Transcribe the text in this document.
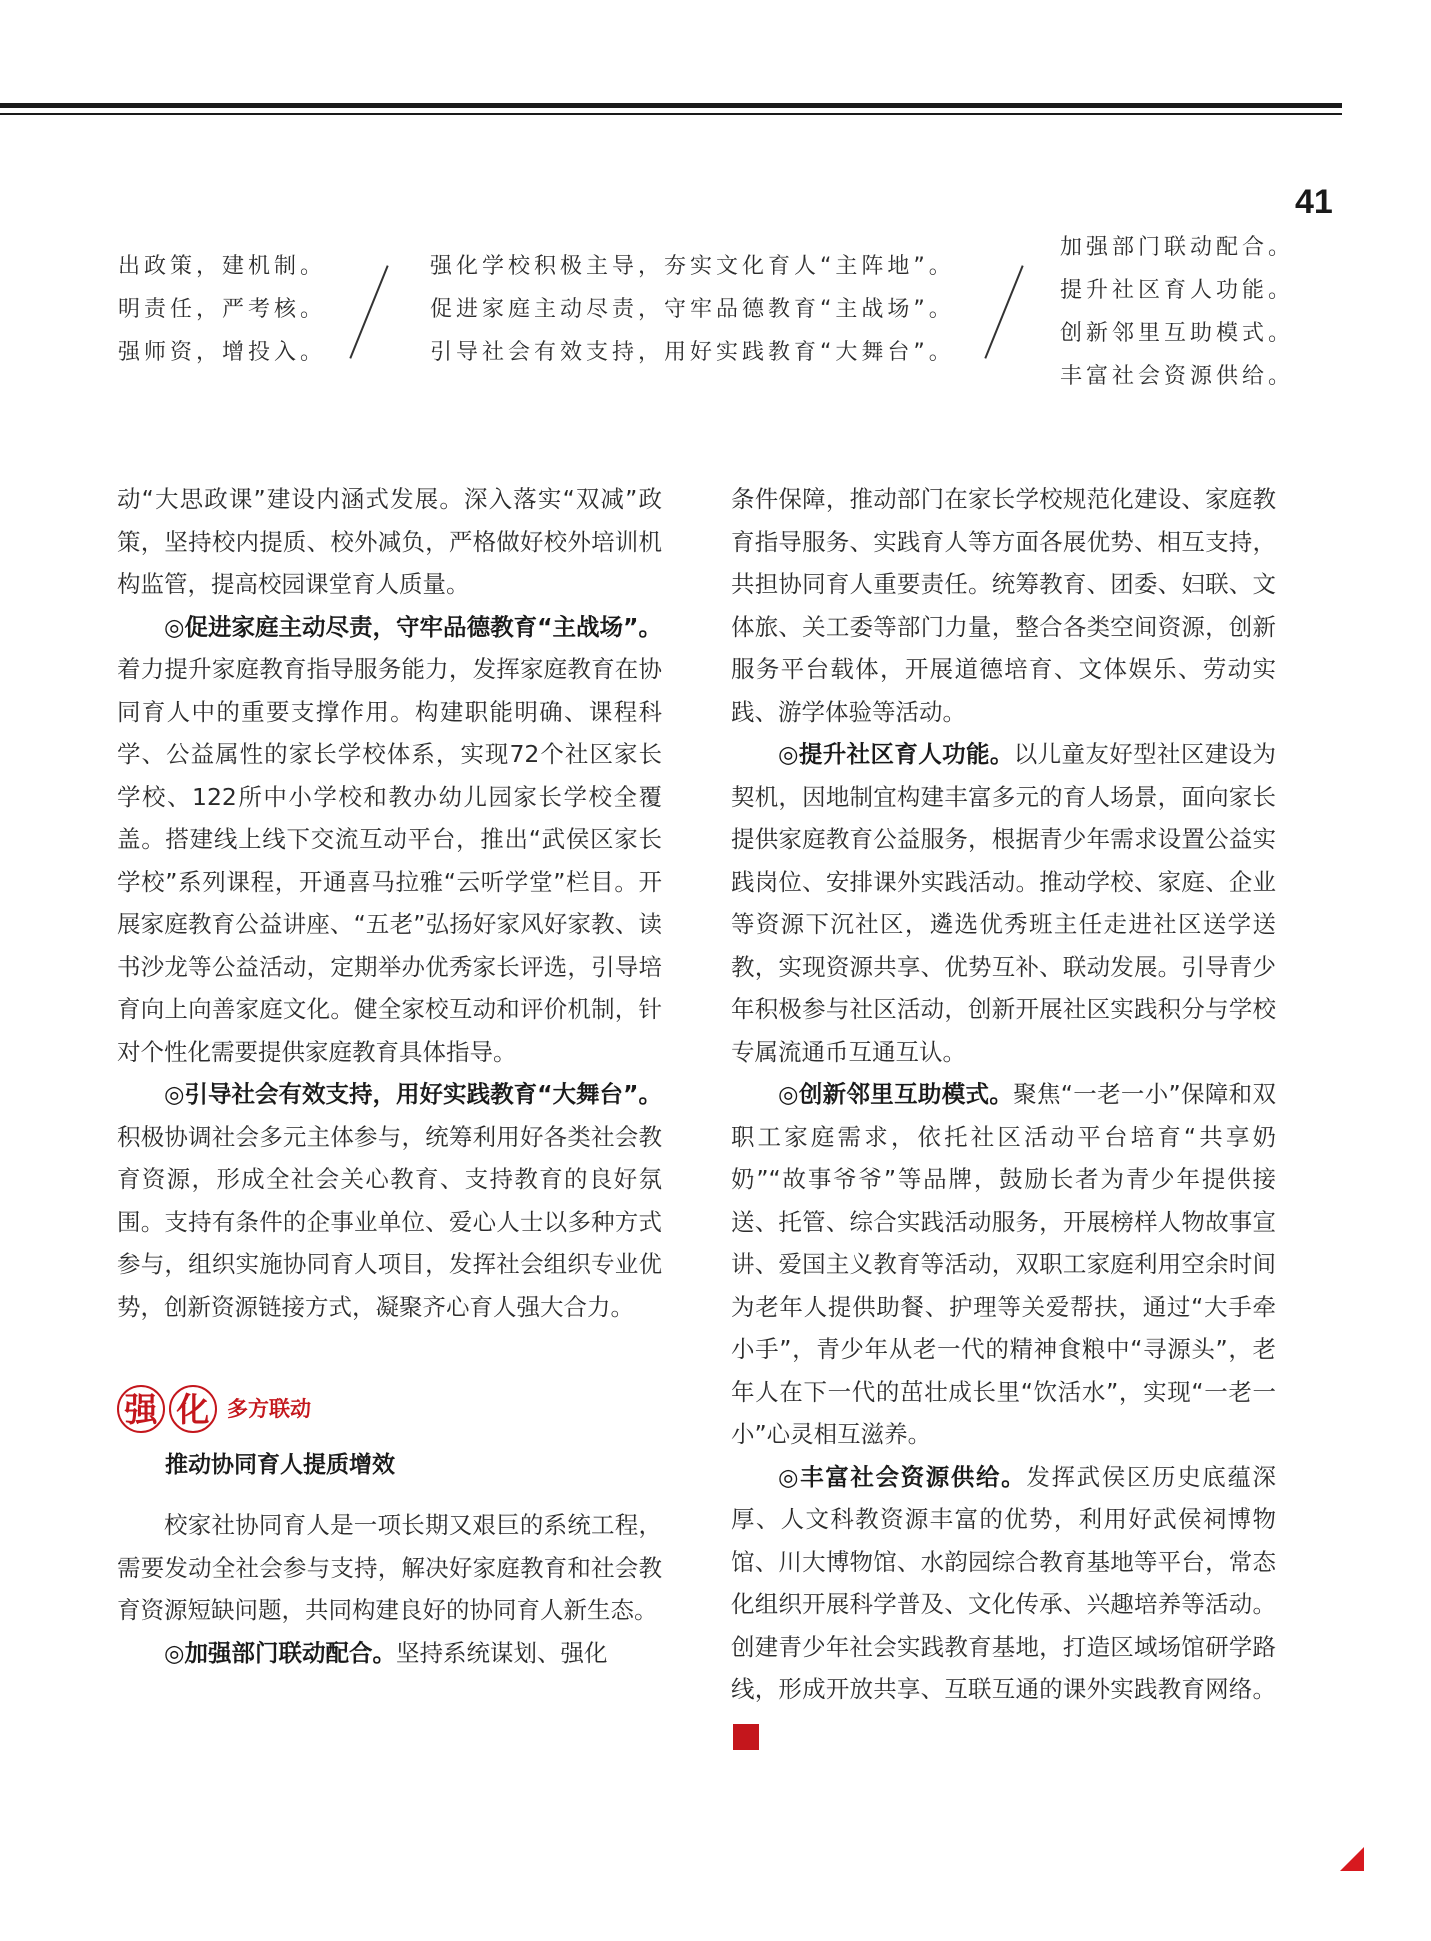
41

出政策，建机制。

明责任，严考核。

强师资，增投入。

强化学校积极主导，夯实文化育人“主阵地”。

促进家庭主动尽责，守牢品德教育“主战场”。

引导社会有效支持，用好实践教育“大舞台”。

加强部门联动配合。

提升社区育人功能。

创新邻里互助模式。

丰富社会资源供给。

动“大思政课”建设内涵式发展。深入落实“双减”政策，坚持校内提质、校外减负，严格做好校外培训机构监管，提高校园课堂育人质量。

◎促进家庭主动尽责，守牢品德教育“主战场”。着力提升家庭教育指导服务能力，发挥家庭教育在协同育人中的重要支撑作用。构建职能明确、课程科学、公益属性的家长学校体系，实现72个社区家长学校、122所中小学校和教办幼儿园家长学校全覆盖。搭建线上线下交流互动平台，推出“武侯区家长学校”系列课程，开通喜马拉雅“云听学堂”栏目。开展家庭教育公益讲座、“五老”弘扬好家风好家教、读书沙龙等公益活动，定期举办优秀家长评选，引导培育向上向善家庭文化。健全家校互动和评价机制，针对个性化需要提供家庭教育具体指导。

◎引导社会有效支持，用好实践教育“大舞台”。积极协调社会多元主体参与，统筹利用好各类社会教育资源，形成全社会关心教育、支持教育的良好氛围。支持有条件的企事业单位、爱心人士以多种方式参与，组织实施协同育人项目，发挥社会组织专业优势，创新资源链接方式，凝聚齐心育人强大合力。

强 化 多方联动
推动协同育人提质增效

校家社协同育人是一项长期又艰巨的系统工程，需要发动全社会参与支持，解决好家庭教育和社会教育资源短缺问题，共同构建良好的协同育人新生态。

◎加强部门联动配合。坚持系统谋划、强化

条件保障，推动部门在家长学校规范化建设、家庭教育指导服务、实践育人等方面各展优势、相互支持，共担协同育人重要责任。统筹教育、团委、妇联、文体旅、关工委等部门力量，整合各类空间资源，创新服务平台载体，开展道德培育、文体娱乐、劳动实践、游学体验等活动。

◎提升社区育人功能。以儿童友好型社区建设为契机，因地制宜构建丰富多元的育人场景，面向家长提供家庭教育公益服务，根据青少年需求设置公益实践岗位、安排课外实践活动。推动学校、家庭、企业等资源下沉社区，遴选优秀班主任走进社区送学送教，实现资源共享、优势互补、联动发展。引导青少年积极参与社区活动，创新开展社区实践积分与学校专属流通币互通互认。

◎创新邻里互助模式。聚焦“一老一小”保障和双职工家庭需求，依托社区活动平台培育“共享奶奶”“故事爷爷”等品牌，鼓励长者为青少年提供接送、托管、综合实践活动服务，开展榜样人物故事宣讲、爱国主义教育等活动，双职工家庭利用空余时间为老年人提供助餐、护理等关爱帮扶，通过“大手牵小手”，青少年从老一代的精神食粮中“寻源头”，老年人在下一代的茁壮成长里“饮活水”，实现“一老一小”心灵相互滋养。

◎丰富社会资源供给。发挥武侯区历史底蕴深厚、人文科教资源丰富的优势，利用好武侯祠博物馆、川大博物馆、水韵园综合教育基地等平台，常态化组织开展科学普及、文化传承、兴趣培养等活动。创建青少年社会实践教育基地，打造区域场馆研学路线，形成开放共享、互联互通的课外实践教育网络。天
